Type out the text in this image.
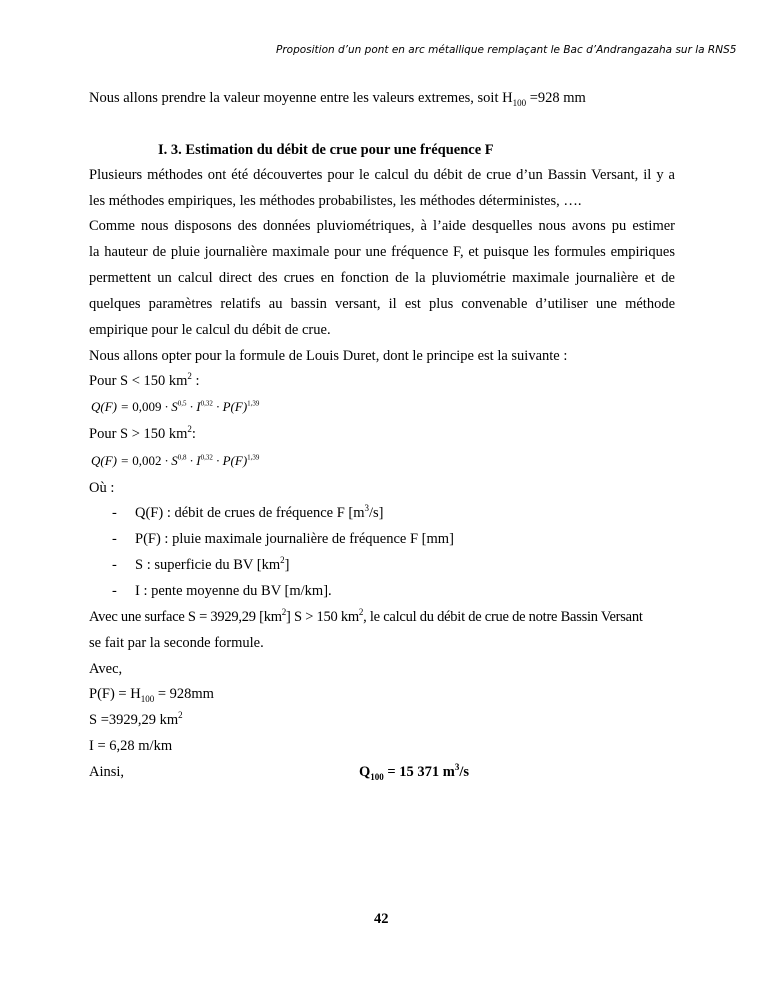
Proposition d’un pont en arc métallique remplaçant le Bac d’Andrangazaha sur la RNS5
Nous allons prendre la valeur moyenne entre les valeurs extremes, soit $H_{100} =928$ mm
I. 3. Estimation du débit de crue pour une fréquence F
Plusieurs méthodes ont été découvertes pour le calcul du débit de crue d’un Bassin Versant, il y a
les méthodes empiriques, les méthodes probabilistes, les méthodes déterministes, ….
Comme nous disposons des données pluviométriques, à l’aide desquelles nous avons pu estimer
la hauteur de pluie journalière maximale pour une fréquence F, et puisque les formules empiriques
permettent un calcul direct des crues en fonction de la pluviométrie maximale journalière et de
quelques paramètres relatifs au bassin versant, il est plus convenable d’utiliser une méthode
empirique pour le calcul du débit de crue.
Nous allons opter pour la formule de Louis Duret, dont le principe est la suivante :
Pour S < 150 $km^2$ :
$Q(F) = 0,009 \cdot S^{0,5} \cdot I^{0,32} \cdot P(F)^{1,39}$
Pour S > 150 $km^2$:
$Q(F) = 0,002 \cdot S^{0,8} \cdot I^{0,32} \cdot P(F)^{1,39}$
Où :
- Q(F) : débit de crues de fréquence F $[m^3/s]$
- P(F) : pluie maximale journalière de fréquence F [mm]
- S : superficie du BV $[km^2]$
- I : pente moyenne du BV [m/km].
Avec une surface S = 3929,29 $[km^2] S > 150$ $km^2$, le calcul du débit de crue de notre Bassin Versant
se fait par la seconde formule.
Avec,
$P(F) = H_{100} = 928mm$
S =3929,29 $km^2$
I = 6,28 m/km
Ainsi,	$Q_{100} = 15$ 371 $m^3/s$
42
